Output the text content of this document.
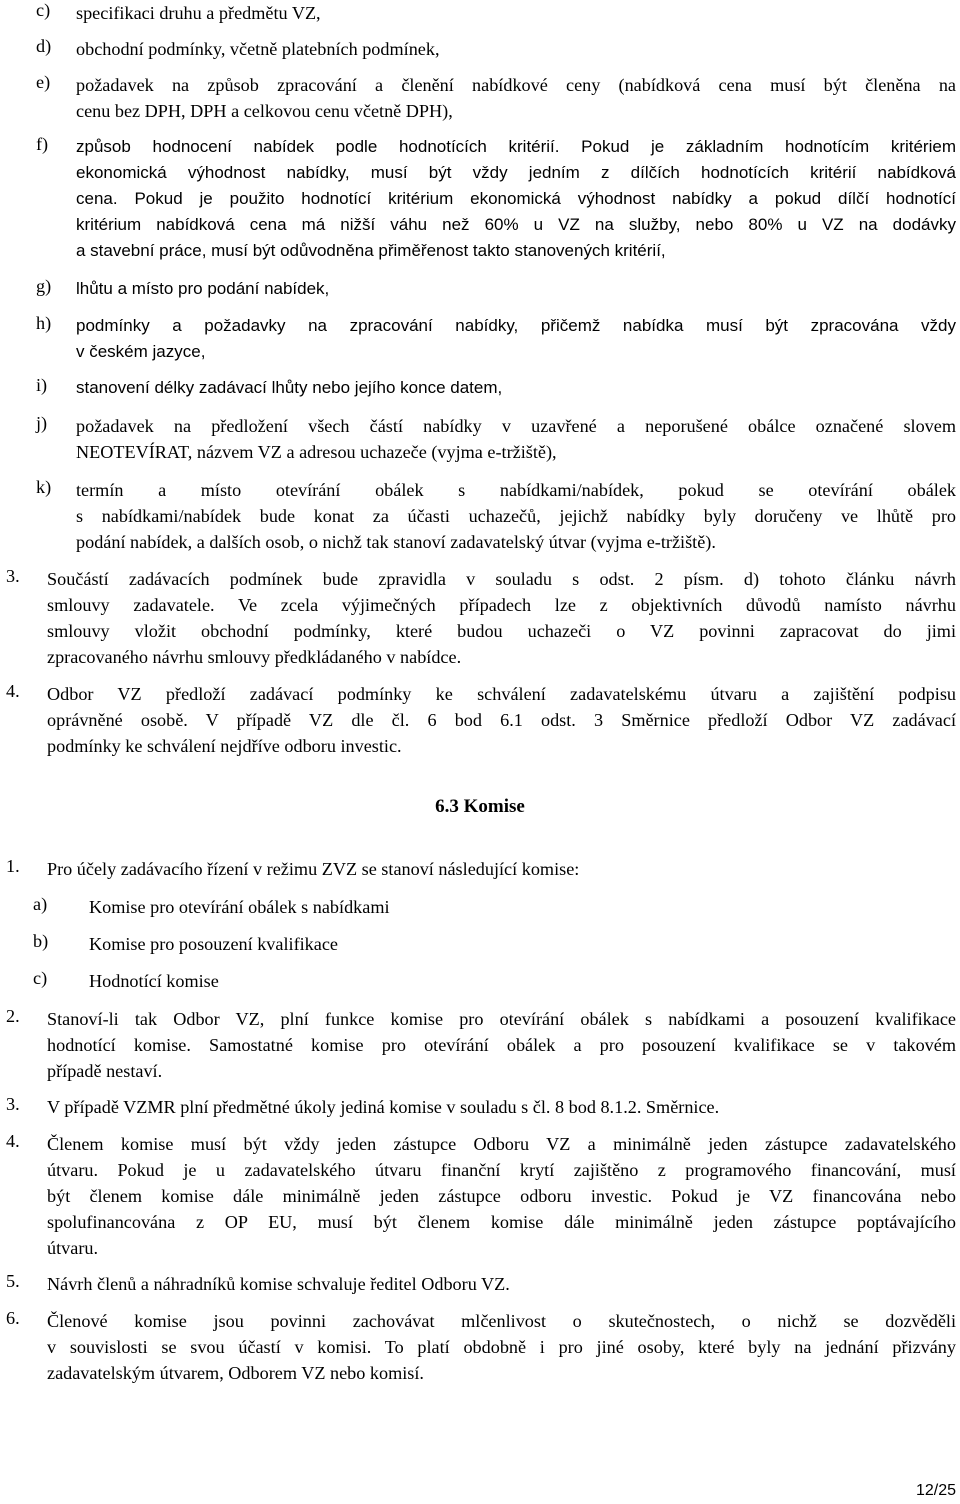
c) specifikaci druhu a předmětu VZ,
d) obchodní podmínky, včetně platebních podmínek,
e) požadavek na způsob zpracování a členění nabídkové ceny (nabídková cena musí být členěna na
cenu bez DPH, DPH a celkovou cenu včetně DPH),
f) způsob hodnocení nabídek podle hodnotících kritérií. Pokud je základním hodnotícím kritériem
ekonomická výhodnost nabídky, musí být vždy jedním z dílčích hodnotících kritérií nabídková
cena. Pokud je použito hodnotící kritérium ekonomická výhodnost nabídky a pokud dílčí hodnotící
kritérium nabídková cena má nižší váhu než 60% u VZ na služby, nebo 80% u VZ na dodávky
a stavební práce, musí být odůvodněna přiměřenost takto stanovených kritérií,
g) lhůtu a místo pro podání nabídek,
h) podmínky a požadavky na zpracování nabídky, přičemž nabídka musí být zpracována vždy
v českém jazyce,
i) stanovení délky zadávací lhůty nebo jejího konce datem,
j) požadavek na předložení všech částí nabídky v uzavřené a neporušené obálce označené slovem
NEOTEVÍRAT, názvem VZ a adresou uchazeče (vyjma e-tržiště),
k) termín a místo otevírání obálek s nabídkami/nabídek, pokud se otevírání obálek
s nabídkami/nabídek bude konat za účasti uchazečů, jejichž nabídky byly doručeny ve lhůtě pro
podání nabídek, a dalších osob, o nichž tak stanoví zadavatelský útvar (vyjma e-tržiště).
3. Součástí zadávacích podmínek bude zpravidla v souladu s odst. 2 písm. d) tohoto článku návrh
smlouvy zadavatele. Ve zcela výjimečných případech lze z objektivních důvodů namísto návrhu
smlouvy vložit obchodní podmínky, které budou uchazeči o VZ povinni zapracovat do jimi
zpracovaného návrhu smlouvy předkládaného v nabídce.
4. Odbor VZ předloží zadávací podmínky ke schválení zadavatelskému útvaru a zajištění podpisu
oprávněné osobě. V případě VZ dle čl. 6 bod 6.1 odst. 3 Směrnice předloží Odbor VZ zadávací
podmínky ke schválení nejdříve odboru investic.
6.3 Komise
1. Pro účely zadávacího řízení v režimu ZVZ se stanoví následující komise:
a) Komise pro otevírání obálek s nabídkami
b) Komise pro posouzení kvalifikace
c) Hodnotící komise
2. Stanoví-li tak Odbor VZ, plní funkce komise pro otevírání obálek s nabídkami a posouzení kvalifikace
hodnotící komise. Samostatné komise pro otevírání obálek a pro posouzení kvalifikace se v takovém
případě nestaví.
3. V případě VZMR plní předmětné úkoly jediná komise v souladu s čl. 8 bod 8.1.2. Směrnice.
4. Členem komise musí být vždy jeden zástupce Odboru VZ a minimálně jeden zástupce zadavatelského
útvaru. Pokud je u zadavatelského útvaru finanční krytí zajištěno z programového financování, musí
být členem komise dále minimálně jeden zástupce odboru investic. Pokud je VZ financována nebo
spolufinancována z OP EU, musí být členem komise dále minimálně jeden zástupce poptávajícího
útvaru.
5. Návrh členů a náhradníků komise schvaluje ředitel Odboru VZ.
6. Členové komise jsou povinni zachovávat mlčenlivost o skutečnostech, o nichž se dozvěděli
v souvislosti se svou účastí v komisi. To platí obdobně i pro jiné osoby, které byly na jednání přizvány
zadavatelským útvarem, Odborem VZ nebo komisí.
12/25
